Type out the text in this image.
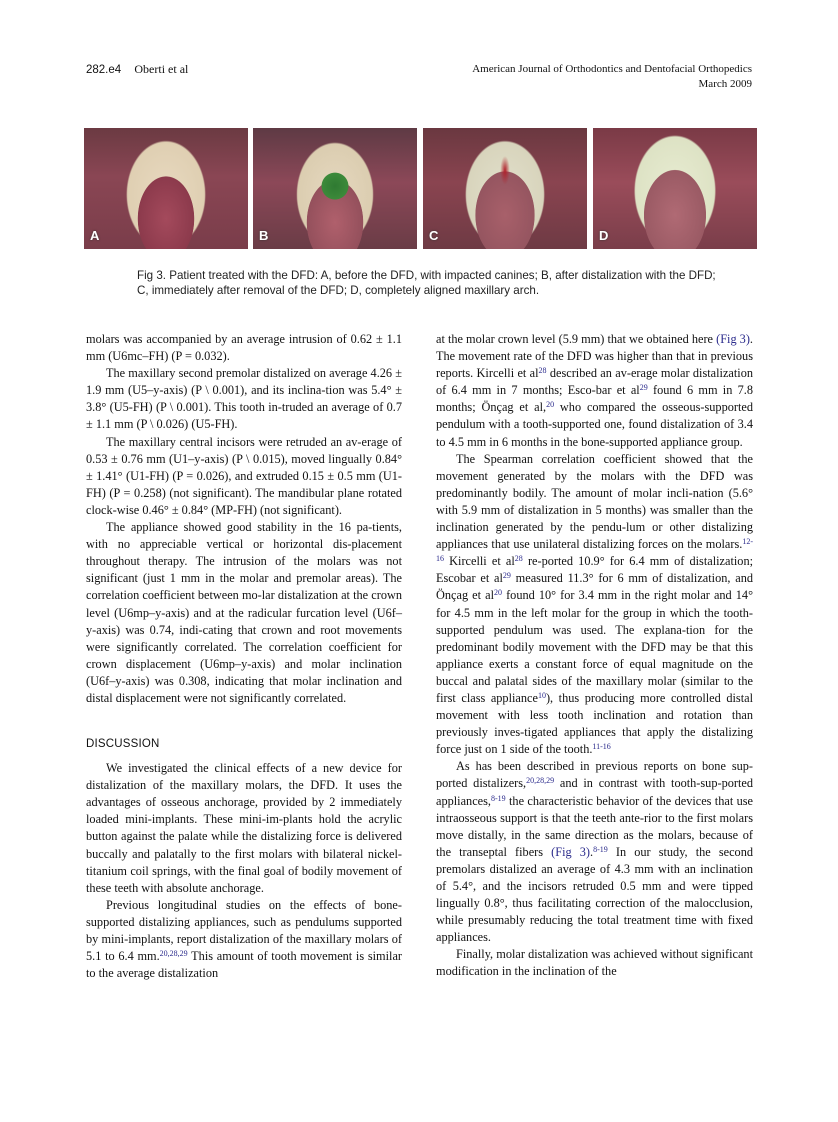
282.e4 Oberti et al	American Journal of Orthodontics and Dentofacial Orthopedics
March 2009
A	B	C	D
Fig 3. Patient treated with the DFD: A, before the DFD, with impacted canines; B, after distalization with the DFD; C, immediately after removal of the DFD; D, completely aligned maxillary arch.

molars was accompanied by an average intrusion of 0.62 ± 1.1 mm (U6mc–FH) (P = 0.032).

The maxillary second premolar distalized on average 4.26 ± 1.9 mm (U5–y-axis) (P \ 0.001), and its inclina-tion was 5.4° ± 3.8° (U5-FH) (P \ 0.001). This tooth in-truded an average of 0.7 ± 1.1 mm (P \ 0.026) (U5-FH).

The maxillary central incisors were retruded an av-erage of 0.53 ± 0.76 mm (U1–y-axis) (P \ 0.015), moved lingually 0.84° ± 1.41° (U1-FH) (P = 0.026), and extruded 0.15 ± 0.5 mm (U1-FH) (P = 0.258) (not significant). The mandibular plane rotated clock-wise 0.46° ± 0.84° (MP-FH) (not significant).

The appliance showed good stability in the 16 pa-tients, with no appreciable vertical or horizontal dis-placement throughout therapy. The intrusion of the molars was not significant (just 1 mm in the molar and premolar areas). The correlation coefficient between mo-lar distalization at the crown level (U6mp–y-axis) and at the radicular furcation level (U6f–y-axis) was 0.74, indi-cating that crown and root movements were significantly correlated. The correlation coefficient for crown displacement (U6mp–y-axis) and molar inclination (U6f–y-axis) was 0.308, indicating that molar inclination and distal displacement were not significantly correlated.

DISCUSSION

We investigated the clinical effects of a new device for distalization of the maxillary molars, the DFD. It uses the advantages of osseous anchorage, provided by 2 immediately loaded mini-implants. These mini-im-plants hold the acrylic button against the palate while the distalizing force is delivered buccally and palatally to the first molars with bilateral nickel-titanium coil springs, with the final goal of bodily movement of these teeth with absolute anchorage.

Previous longitudinal studies on the effects of bone-supported distalizing appliances, such as pendulums supported by mini-implants, report distalization of the maxillary molars of 5.1 to 6.4 mm.$^{20,28,29}$ This amount of tooth movement is similar to the average distalization

at the molar crown level (5.9 mm) that we obtained here (Fig 3). The movement rate of the DFD was higher than that in previous reports. Kircelli et al$^{28}$ described an av-erage molar distalization of 6.4 mm in 7 months; Esco-bar et al$^{29}$ found 6 mm in 7.8 months; Önçag et al,$^{20}$ who compared the osseous-supported pendulum with a tooth-supported one, found distalization of 3.4 to 4.5 mm in 6 months in the bone-supported appliance group.

The Spearman correlation coefficient showed that the movement generated by the molars with the DFD was predominantly bodily. The amount of molar incli-nation (5.6° with 5.9 mm of distalization in 5 months) was smaller than the inclination generated by the pendu-lum or other distalizing appliances that use unilateral distalizing forces on the molars.$^{12-16}$ Kircelli et al$^{28}$ re-ported 10.9° for 6.4 mm of distalization; Escobar et al$^{29}$ measured 11.3° for 6 mm of distalization, and Önçag et al$^{20}$ found 10° for 3.4 mm in the right molar and 14° for 4.5 mm in the left molar for the group in which the tooth-supported pendulum was used. The explana-tion for the predominant bodily movement with the DFD may be that this appliance exerts a constant force of equal magnitude on the buccal and palatal sides of the maxillary molar (similar to the first class appliance$^{10}$), thus producing more controlled distal movement with less tooth inclination and rotation than previously inves-tigated appliances that apply the distalizing force just on 1 side of the tooth.$^{11-16}$

As has been described in previous reports on bone sup-ported distalizers,$^{20,28,29}$ and in contrast with tooth-sup-ported appliances,$^{8-19}$ the characteristic behavior of the devices that use intraosseous support is that the teeth ante-rior to the first molars move distally, in the same direction as the molars, because of the transeptal fibers (Fig 3).$^{8-19}$ In our study, the second premolars distalized an average of 4.3 mm with an inclination of 5.4°, and the incisors retruded 0.5 mm and were tipped lingually 0.8°, thus facilitating correction of the malocclusion, while presumably reducing the total treatment time with fixed appliances.

Finally, molar distalization was achieved without significant modification in the inclination of the
